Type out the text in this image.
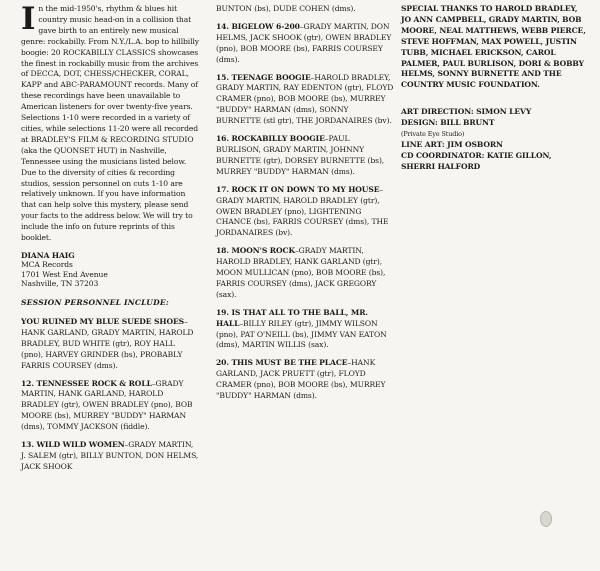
In the mid-1950's, rhythm & blues hit country music head-on in a collision that gave birth to an entirely new musical genre: rockabilly. From N.Y./L.A. bop to hillbilly boogie: 20 ROCKABILLY CLASSICS showcases the finest in rockabilly music from the archives of DECCA, DOT, CHESS/CHECKER, CORAL, KAPP and ABC-PARAMOUNT records. Many of these recordings have been unavailable to American listeners for over twenty-five years. Selections 1-10 were recorded in a variety of cities, while selections 11-20 were all recorded at BRADLEY'S FILM & RECORDING STUDIO (aka the QUONSET HUT) in Nashville, Tennessee using the musicians listed below. Due to the diversity of cities & recording studios, session personnel on cuts 1-10 are relatively unknown. If you have information that can help solve this mystery, please send your facts to the address below. We will try to include the info on future reprints of this booklet.

DIANA HAIG
MCA Records
1701 West End Avenue
Nashville, TN 37203
SESSION PERSONNEL INCLUDE:
YOU RUINED MY BLUE SUEDE SHOES–HANK GARLAND, GRADY MARTIN, HAROLD BRADLEY, BUD WHITE (gtr), ROY HALL (pno), HARVEY GRINDER (bs), PROBABLY FARRIS COURSEY (dms).
12. TENNESSEE ROCK & ROLL–GRADY MARTIN, HANK GARLAND, HAROLD BRADLEY (gtr), OWEN BRADLEY (pno), BOB MOORE (bs), MURREY "BUDDY" HARMAN (dms), TOMMY JACKSON (fiddle).
13. WILD WILD WOMEN–GRADY MARTIN, J. SALEM (gtr), BILLY BUNTON, DON HELMS, JACK SHOOK
BUNTON (bs), DUDE COHEN (dms).
14. BIGELOW 6-200–GRADY MARTIN, DON HELMS, JACK SHOOK (gtr), OWEN BRADLEY (pno), BOB MOORE (bs), FARRIS COURSEY (dms).
15. TEENAGE BOOGIE–HAROLD BRADLEY, GRADY MARTIN, RAY EDENTON (gtr), FLOYD CRAMER (pno), BOB MOORE (bs), MURREY "BUDDY" HARMAN (dms), SONNY BURNETTE (stl gtr), THE JORDANAIRES (bv).
16. ROCKABILLY BOOGIE–PAUL BURLISON, GRADY MARTIN, JOHNNY BURNETTE (gtr), DORSEY BURNETTE (bs), MURREY "BUDDY" HARMAN (dms).
17. ROCK IT ON DOWN TO MY HOUSE–GRADY MARTIN, HAROLD BRADLEY (gtr), OWEN BRADLEY (pno), LIGHTENING CHANCE (bs), FARRIS COURSEY (dms), THE JORDANAIRES (bv).
18. MOON'S ROCK–GRADY MARTIN, HAROLD BRADLEY, HANK GARLAND (gtr), MOON MULLICAN (pno), BOB MOORE (bs), FARRIS COURSEY (dms), JACK GREGORY (sax).
19. IS THAT ALL TO THE BALL, MR. HALL–BILLY RILEY (gtr), JIMMY WILSON (pno), PAT O'NEILL (bs), JIMMY VAN EATON (dms), MARTIN WILLIS (sax).
20. THIS MUST BE THE PLACE–HANK GARLAND, JACK PRUETT (gtr), FLOYD CRAMER (pno), BOB MOORE (bs), MURREY "BUDDY" HARMAN (dms).

SPECIAL THANKS TO HAROLD BRADLEY, JO ANN CAMPBELL, GRADY MARTIN, BOB MOORE, NEAL MATTHEWS, WEBB PIERCE, STEVE HOFFMAN, MAX POWELL, JUSTIN TUBB, MICHAEL ERICKSON, CAROL PALMER, PAUL BURLISON, DORI & BOBBY HELMS, SONNY BURNETTE AND THE COUNTRY MUSIC FOUNDATION.

ART DIRECTION: SIMON LEVY
DESIGN: BILL BRUNT
(Private Eye Studio)
LINE ART: JIM OSBORN
CD COORDINATOR: KATIE GILLON, SHERRI HALFORD
